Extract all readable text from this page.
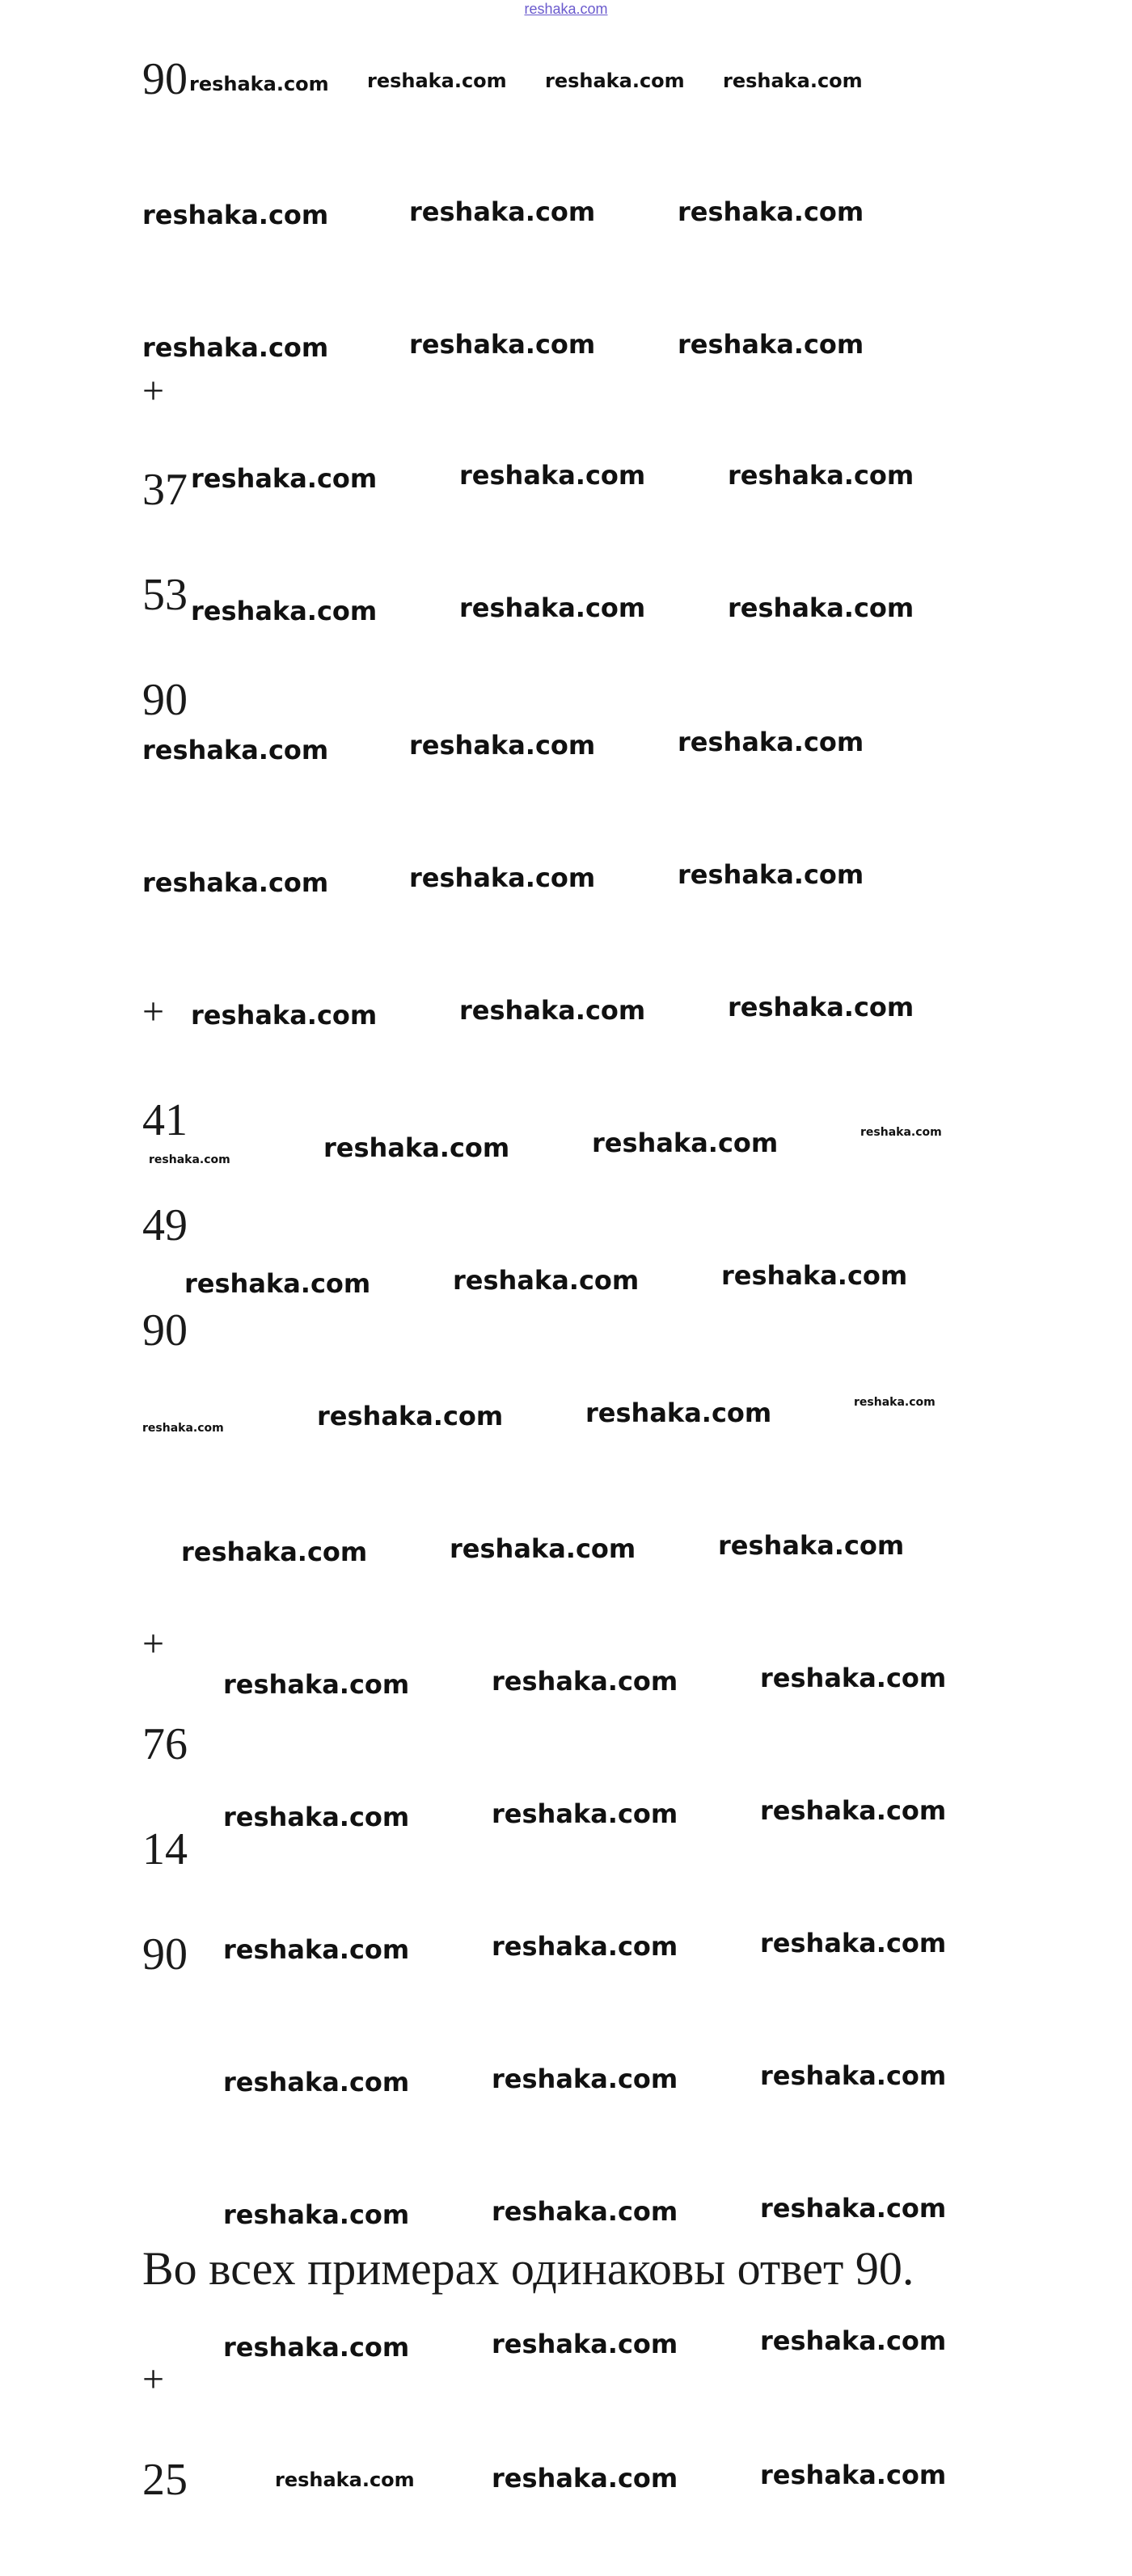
reshaka.com
90
+
37
53
90
+
41
49
90
+
76
14
90
Во всех примерах одинаковы ответ 90.
+
25
reshaka.com reshaka.com reshaka.com reshaka.com
reshaka.com	reshaka.com	reshaka.com
reshaka.com	reshaka.com	reshaka.com
reshaka.com	reshaka.com	reshaka.com
reshaka.com	reshaka.com	reshaka.com
reshaka.com	reshaka.com	reshaka.com
reshaka.com	reshaka.com	reshaka.com
reshaka.com	reshaka.com	reshaka.com
reshaka.com	reshaka.com	reshaka.com	reshaka.com
reshaka.com	reshaka.com	reshaka.com
reshaka.com	reshaka.com	reshaka.com	reshaka.com
reshaka.com	reshaka.com	reshaka.com
reshaka.com	reshaka.com	reshaka.com
reshaka.com	reshaka.com	reshaka.com
reshaka.com	reshaka.com	reshaka.com
reshaka.com	reshaka.com	reshaka.com
reshaka.com	reshaka.com	reshaka.com
reshaka.com	reshaka.com	reshaka.com
reshaka.com	reshaka.com	reshaka.com
